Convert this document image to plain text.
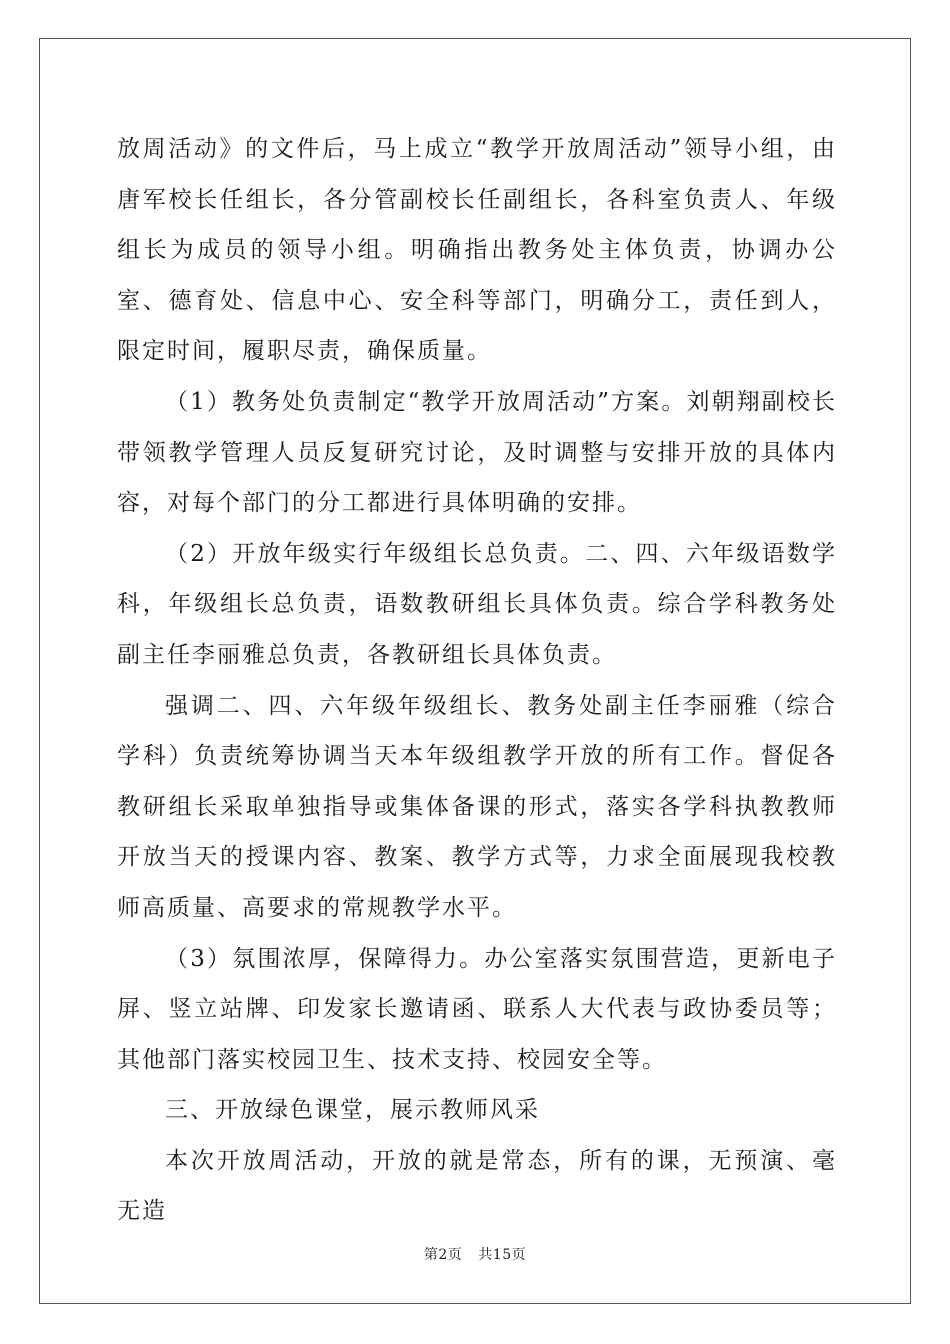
放周活动》的文件后，马上成立“教学开放周活动”领导小组，由唐军校长任组长，各分管副校长任副组长，各科室负责人、年级组长为成员的领导小组。明确指出教务处主体负责，协调办公室、德育处、信息中心、安全科等部门，明确分工，责任到人，限定时间，履职尽责，确保质量。

（1）教务处负责制定“教学开放周活动”方案。刘朝翔副校长带领教学管理人员反复研究讨论，及时调整与安排开放的具体内容，对每个部门的分工都进行具体明确的安排。

（2）开放年级实行年级组长总负责。二、四、六年级语数学科，年级组长总负责，语数教研组长具体负责。综合学科教务处副主任李丽雅总负责，各教研组长具体负责。

强调二、四、六年级年级组长、教务处副主任李丽雅（综合学科）负责统筹协调当天本年级组教学开放的所有工作。督促各教研组长采取单独指导或集体备课的形式，落实各学科执教教师开放当天的授课内容、教案、教学方式等，力求全面展现我校教师高质量、高要求的常规教学水平。

（3）氛围浓厚，保障得力。办公室落实氛围营造，更新电子屏、竖立站牌、印发家长邀请函、联系人大代表与政协委员等；其他部门落实校园卫生、技术支持、校园安全等。

三、开放绿色课堂，展示教师风采

本次开放周活动，开放的就是常态，所有的课，无预演、毫无造

第2页 共15页
